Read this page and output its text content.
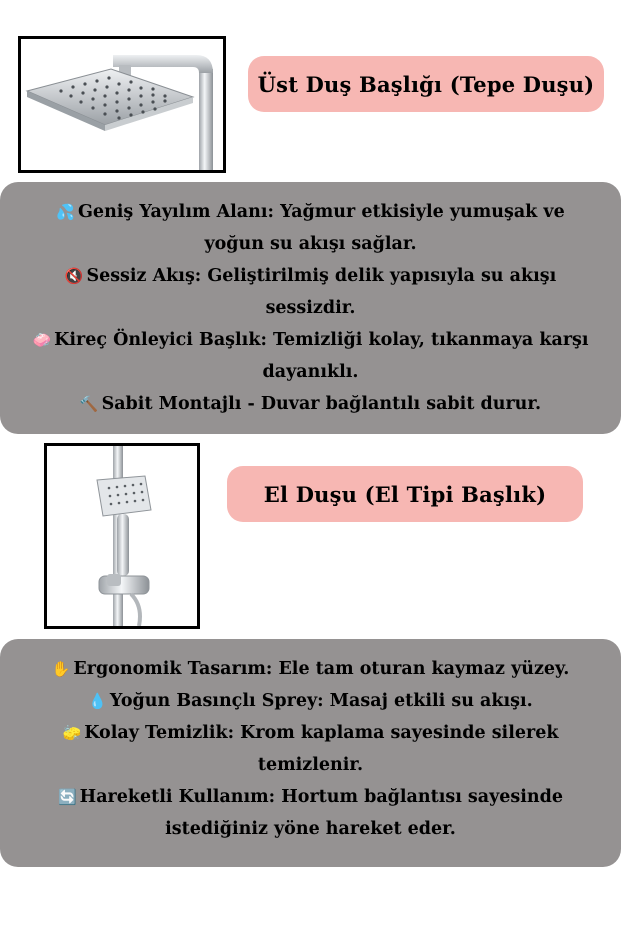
Üst Duş Başlığı (Tepe Duşu)
💦 Geniş Yayılım Alanı: Yağmur etkisiyle yumuşak ve
yoğun su akışı sağlar.
🔇 Sessiz Akış: Geliştirilmiş delik yapısıyla su akışı
sessizdir.
🧼 Kireç Önleyici Başlık: Temizliği kolay, tıkanmaya karşı
dayanıklı.
🔨 Sabit Montajlı - Duvar bağlantılı sabit durur.
El Duşu (El Tipi Başlık)
✋ Ergonomik Tasarım: Ele tam oturan kaymaz yüzey.
💧 Yoğun Basınçlı Sprey: Masaj etkili su akışı.
🧽 Kolay Temizlik: Krom kaplama sayesinde silerek
temizlenir.
🔄 Hareketli Kullanım: Hortum bağlantısı sayesinde
istediğiniz yöne hareket eder.
